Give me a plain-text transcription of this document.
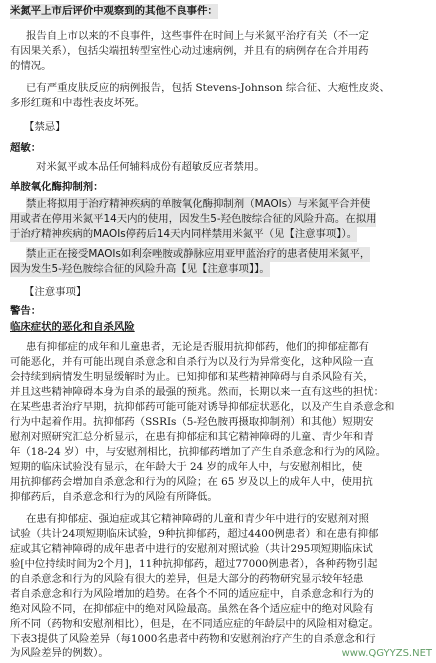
米氮平上市后评价中观察到的其他不良事件：
报告自上市以来的不良事件，这些事件在时间上与米氮平治疗有关（不一定
有因果关系），包括尖端扭转型室性心动过速病例，并且有的病例存在合并用药
的情况。
已有严重皮肤反应的病例报告，包括 Stevens-Johnson 综合征、大疱性皮炎、
多形红斑和中毒性表皮坏死。
【禁忌】
超敏：
对米氮平或本品任何辅料成份有超敏反应者禁用。
单胺氧化酶抑制剂：
禁止将拟用于治疗精神疾病的单胺氧化酶抑制剂（MAOIs）与米氮平合并使
用或者在停用米氮平14天内的使用，因发生5-羟色胺综合征的风险升高。在拟用
于治疗精神疾病的MAOIs停药后14天内同样禁用米氮平（见【注意事项】）。
禁止正在接受MAOIs如利奈唑胺或静脉应用亚甲蓝治疗的患者使用米氮平，
因为发生5-羟色胺综合征的风险升高【见【注意事项】】。
【注意事项】
警告：
临床症状的恶化和自杀风险
患有抑郁症的成年和儿童患者，无论是否服用抗抑郁药，他们的抑郁症都有
可能恶化，并有可能出现自杀意念和自杀行为以及行为异常变化，这种风险一直
会持续到病情发生明显缓解时为止。已知抑郁和某些精神障碍与自杀风险有关，
并且这些精神障碍本身为自杀的最强的预兆。然而，长期以来一直有这些的担忧：
在某些患者治疗早期，抗抑郁药可能可能对诱导抑郁症状恶化，以及产生自杀意念和
行为中起着作用。抗抑郁药（SSRIs（5-羟色胺再摄取抑制剂）和其他）短期安
慰剂对照研究汇总分析显示，在患有抑郁症和其它精神障碍的儿童、青少年和青
年（18-24 岁）中，与安慰剂相比，抗抑郁药增加了产生自杀意念和行为的风险。
短期的临床试验没有显示，在年龄大于 24 岁的成年人中，与安慰剂相比，使
用抗抑郁药会增加自杀意念和行为的风险；在 65 岁及以上的成年人中，使用抗
抑郁药后，自杀意念和行为的风险有所降低。
在患有抑郁症、强迫症或其它精神障碍的儿童和青少年中进行的安慰剂对照
试验（共计24项短期临床试验，9种抗抑郁药，超过4400例患者）和在患有抑郁
症或其它精神障碍的成年患者中进行的安慰剂对照试验（共计295项短期临床试
验[中位持续时间为2个月]，11种抗抑郁药，超过77000例患者），各种药物引起
的自杀意念和行为的风险有很大的差异，但是大部分的药物研究显示较年轻患
者自杀意念和行为风险增加的趋势。在各个不同的适应症中，自杀意念和行为的
绝对风险不同，在抑郁症中的绝对风险最高。虽然在各个适应症中的绝对风险有
所不同（药物和安慰剂相比），但是，在不同适应症的年龄层中的风险相对稳定。
下表3提供了风险差异（每1000名患者中药物和安慰剂治疗产生的自杀意念和行
为风险差异的例数）。	www.QGYYZS.NET
